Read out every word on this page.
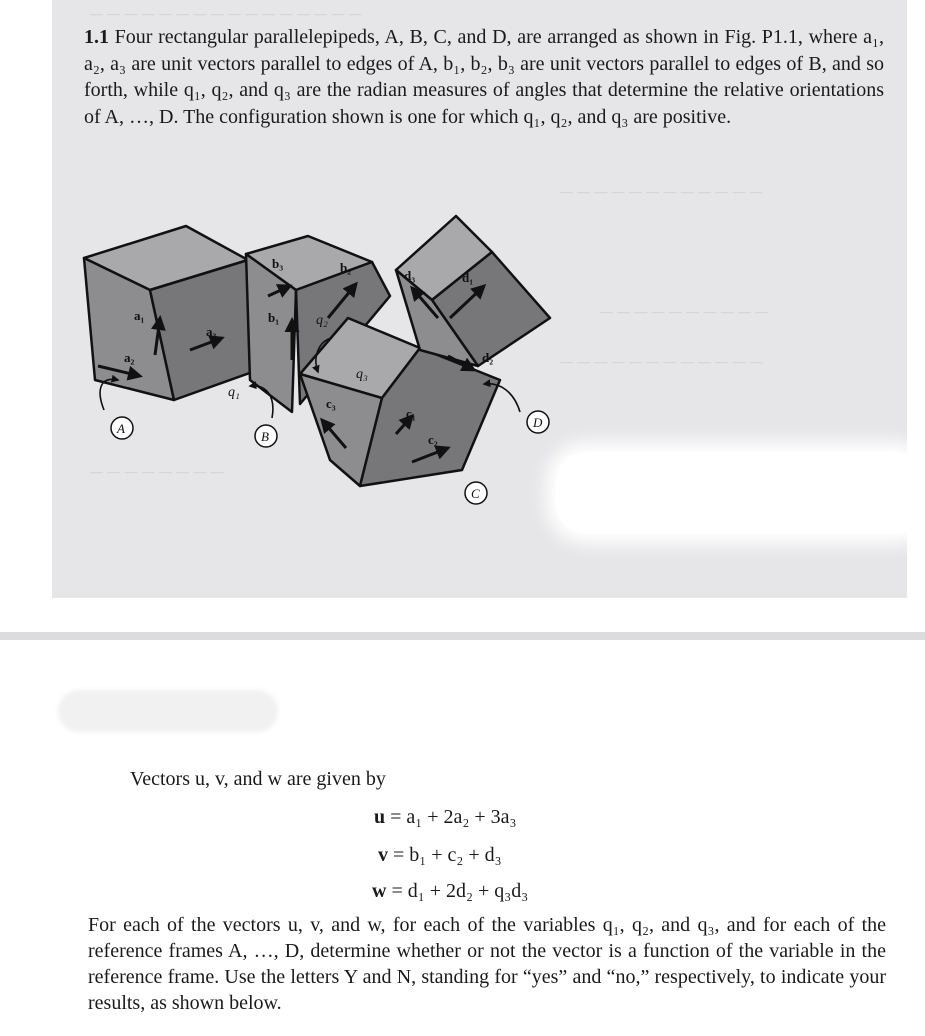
─ ─ ─ ─ ─ ─ ─ ─ ─ ─ ─ ─ ─ ─ ─ ─
─ ─ ─ ─ ─ ─ ─ ─ ─ ─ ─ ─
─ ─ ─ ─ ─ ─ ─ ─ ─ ─
─ ─ ─ ─ ─ ─ ─ ─ ─ ─ ─ ─
─ ─ ─ ─ ─ ─ ─ ─
1.1 Four rectangular parallelepipeds, A, B, C, and D, are arranged as shown in Fig. P1.1, where a₁, a₂, a₃ are unit vectors parallel to edges of A, b₁, b₂, b₃ are unit vectors parallel to edges of B, and so forth, while q₁, q₂, and q₃ are the radian measures of angles that determine the relative orientations of A, …, D. The configuration shown is one for which q₁, q₂, and q₃ are positive.
a₁
a₂
a₃
b₃
b₁
b₂
c₃
c₁
c₂
d₃	d₁
d₂
q₁
q₂
q₃
A
B
C
D
Vectors u, v, and w are given by
u = a₁ + 2a₂ + 3a₃
v = b₁ + c₂ + d₃
w = d₁ + 2d₂ + q₃d₃
For each of the vectors u, v, and w, for each of the variables q₁, q₂, and q₃, and for each of the reference frames A, …, D, determine whether or not the vector is a function of the variable in the reference frame. Use the letters Y and N, standing for “yes” and “no,” respectively, to indicate your results, as shown below.
